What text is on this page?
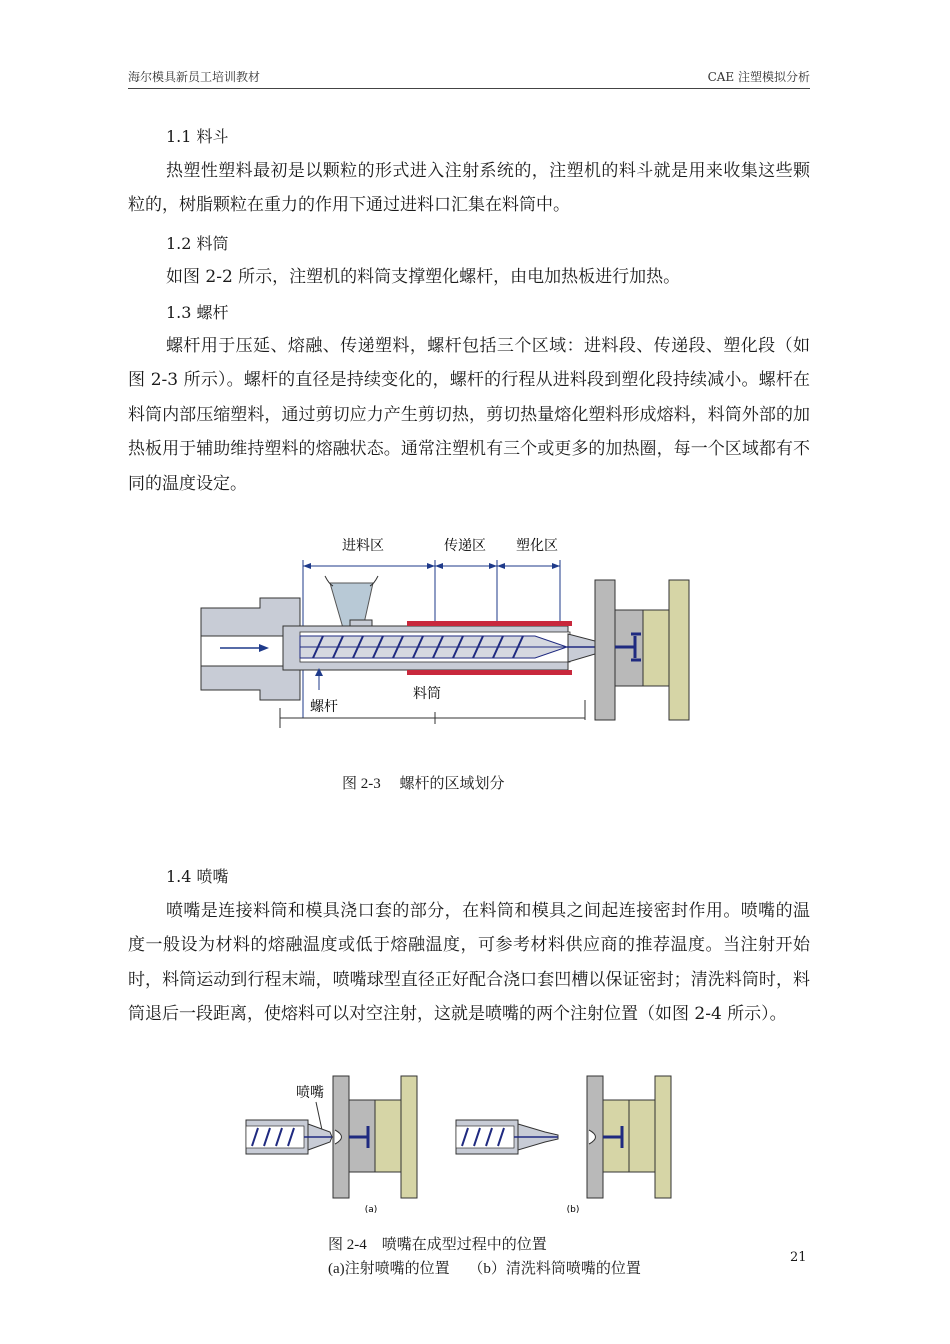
海尔模具新员工培训教材	CAE 注塑模拟分析
1.1 料斗

热塑性塑料最初是以颗粒的形式进入注射系统的，注塑机的料斗就是用来收集这些颗粒的，树脂颗粒在重力的作用下通过进料口汇集在料筒中。

1.2 料筒

如图 2-2 所示，注塑机的料筒支撑塑化螺杆，由电加热板进行加热。

1.3 螺杆

螺杆用于压延、熔融、传递塑料，螺杆包括三个区域：进料段、传递段、塑化段（如图 2-3 所示）。螺杆的直径是持续变化的，螺杆的行程从进料段到塑化段持续减小。螺杆在料筒内部压缩塑料，通过剪切应力产生剪切热，剪切热量熔化塑料形成熔料，料筒外部的加热板用于辅助维持塑料的熔融状态。通常注塑机有三个或更多的加热圈，每一个区域都有不同的温度设定。

进料区	传递区 塑化区
螺杆
料筒
图 2-3　 螺杆的区域划分
1.4 喷嘴

喷嘴是连接料筒和模具浇口套的部分，在料筒和模具之间起连接密封作用。喷嘴的温度一般设为材料的熔融温度或低于熔融温度，可参考材料供应商的推荐温度。当注射开始时，料筒运动到行程末端，喷嘴球型直径正好配合浇口套凹槽以保证密封；清洗料筒时，料筒退后一段距离，使熔料可以对空注射，这就是喷嘴的两个注射位置（如图 2-4 所示）。

喷嘴
(a)	(b)
图 2-4　喷嘴在成型过程中的位置
(a)注射喷嘴的位置　 （b）清洗料筒喷嘴的位置
21
